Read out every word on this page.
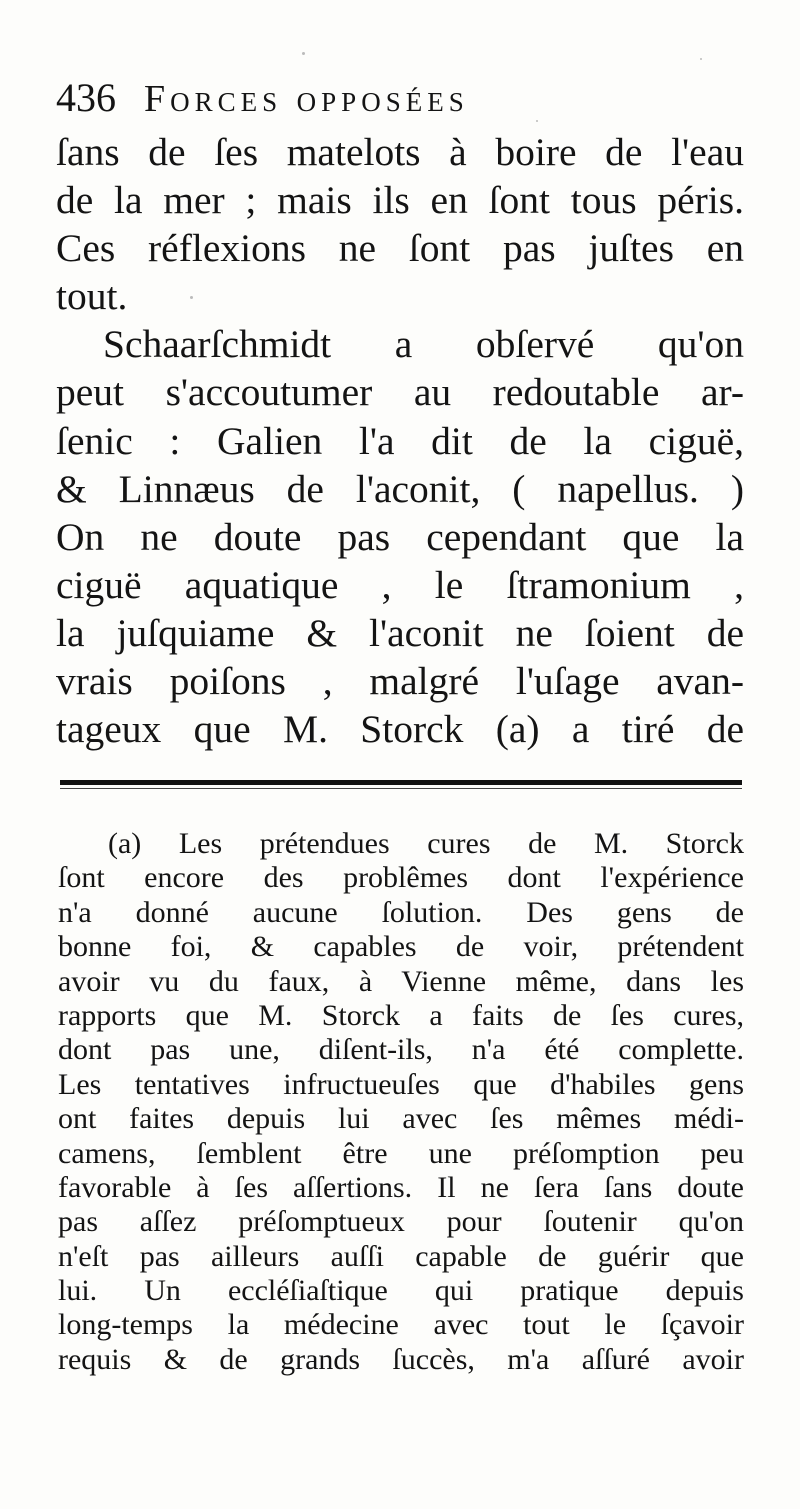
436 Forces opposées
ſans de ſes matelots à boire de l'eau
de la mer ; mais ils en ſont tous péris.
Ces réflexions ne ſont pas juſtes en
tout.
Schaarſchmidt a obſervé qu'on
peut s'accoutumer au redoutable ar-
ſenic : Galien l'a dit de la ciguë,
& Linnæus de l'aconit, ( napellus. )
On ne doute pas cependant que la
ciguë aquatique , le ſtramonium ,
la juſquiame & l'aconit ne ſoient de
vrais poiſons , malgré l'uſage avan-
tageux que M. Storck (a) a tiré de
(a) Les prétendues cures de M. Storck
ſont encore des problêmes dont l'expérience
n'a donné aucune ſolution. Des gens de
bonne foi, & capables de voir, prétendent
avoir vu du faux, à Vienne même, dans les
rapports que M. Storck a faits de ſes cures,
dont pas une, diſent-ils, n'a été complette.
Les tentatives infructueuſes que d'habiles gens
ont faites depuis lui avec ſes mêmes médi-
camens, ſemblent être une préſomption peu
favorable à ſes aſſertions. Il ne ſera ſans doute
pas aſſez préſomptueux pour ſoutenir qu'on
n'eſt pas ailleurs auſſi capable de guérir que
lui. Un eccléſiaſtique qui pratique depuis
long-temps la médecine avec tout le ſçavoir
requis & de grands ſuccès, m'a aſſuré avoir
